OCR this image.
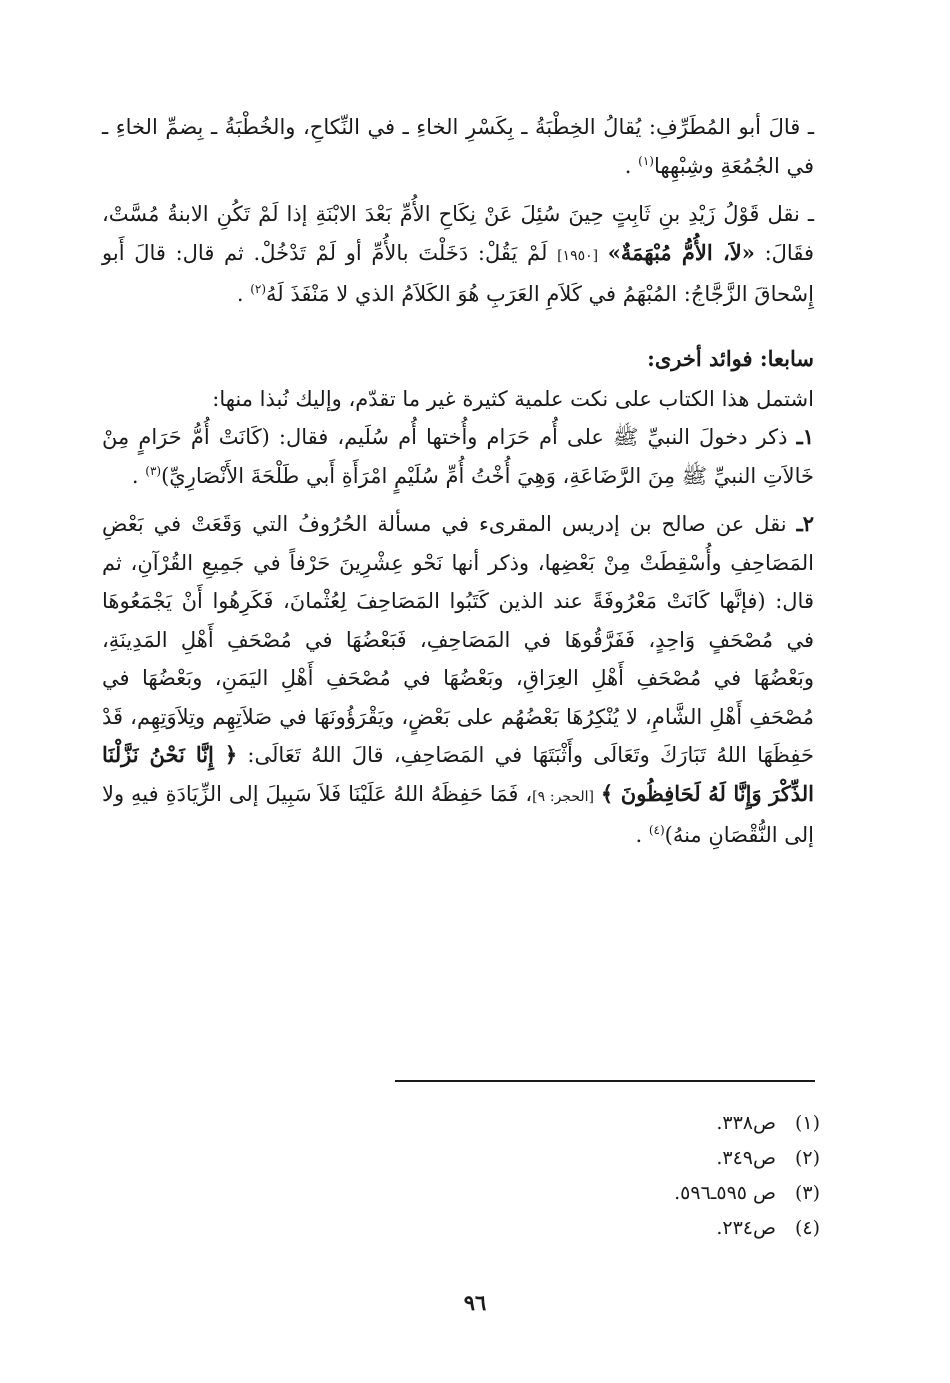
ـ قالَ أبو المُطَرِّفِ: يُقالُ الخِطْبَةُ ـ بِكَسْرِ الخاءِ ـ في النِّكاحِ، والخُطْبَةُ ـ بِضمِّ الخاءِ ـ في الجُمُعَةِ وشِبْهِها$^{(١)}$ .

ـ نقل قَوْلُ زَيْدِ بنِ ثَابِتٍ حِينَ سُئِلَ عَنْ نِكَاحِ الأُمِّ بَعْدَ الابْنَةِ إذا لَمْ تَكُنِ الابنةُ مُسَّتْ، فقَالَ: «لاَ، الأُمُّ مُبْهَمَةٌ» [١٩٥٠] لَمْ يَقُلْ: دَخَلْتَ بالأُمِّ أو لَمْ تَدْخُلْ. ثم قال: قالَ أَبو إِسْحاقَ الزَّجَّاجُ: المُبْهَمُ في كَلاَمِ العَرَبِ هُوَ الكَلاَمُ الذي لا مَنْفَذَ لَهُ$^{(٢)}$ .

سابعا: فوائد أخرى:

اشتمل هذا الكتاب على نكت علمية كثيرة غير ما تقدّم، وإليك نُبذا منها:

١ـ ذكر دخولَ النبيِّ ﷺ على أُم حَرَام وأُختها أُم سُلَيم، فقال: (كَانَتْ أُمُّ حَرَامٍ مِنْ خَالاَتِ النبيِّ ﷺ مِنَ الرَّضَاعَةِ، وَهِيَ أُخْتُ أُمِّ سُلَيْمٍ امْرَأَةِ أَبي طَلْحَةَ الأَنْصَارِيِّ)$^{(٣)}$ .

٢ـ نقل عن صالح بن إدريس المقرىء في مسألة الحُرُوفُ التي وَقَعَتْ في بَعْضِ المَصَاحِفِ وأُسْقِطَتْ مِنْ بَعْضِها، وذكر أنها نَحْو عِشْرِينَ حَرْفاً في جَمِيعِ القُرْآنِ، ثم قال: (فإنَّها كَانَتْ مَعْرُوفَةً عند الذين كَتَبُوا المَصَاحِفَ لِعُثْمانَ، فَكَرِهُوا أَنْ يَجْمَعُوهَا في مُصْحَفٍ وَاحِدٍ، فَفَرَّقُوهَا في المَصَاحِفِ، فَبَعْضُهَا في مُصْحَفِ أَهْلِ المَدِينَةِ، وبَعْضُهَا في مُصْحَفِ أَهْلِ العِرَاقِ، وبَعْضُهَا في مُصْحَفِ أَهْلِ اليَمَنِ، وبَعْضُهَا في مُصْحَفِ أَهْلِ الشَّامِ، لا يُنْكِرُهَا بَعْضُهُم على بَعْضٍ، ويَقْرَؤُونَهَا في صَلاَتِهِم وتِلاَوَتِهِم، قَدْ حَفِظَهَا اللهُ تَبَارَكَ وتَعَالَى وأَثْبَتَهَا في المَصَاحِفِ، قالَ اللهُ تَعَالَى: ﴿ إِنَّا نَحْنُ نَزَّلْنَا الذِّكْرَ وَإِنَّا لَهُ لَحَافِظُونَ ﴾ [الحجر: ٩]، فَمَا حَفِظَهُ اللهُ عَلَيْنَا فَلاَ سَبِيلَ إلى الزِّيَادَةِ فيهِ ولا إلى النُّقْصَانِ منهُ)$^{(٤)}$ .

(١)ص٣٣٨.
(٢)ص٣٤٩.
(٣)ص ٥٩٥ـ٥٩٦.
(٤)ص٢٣٤.
٩٦
